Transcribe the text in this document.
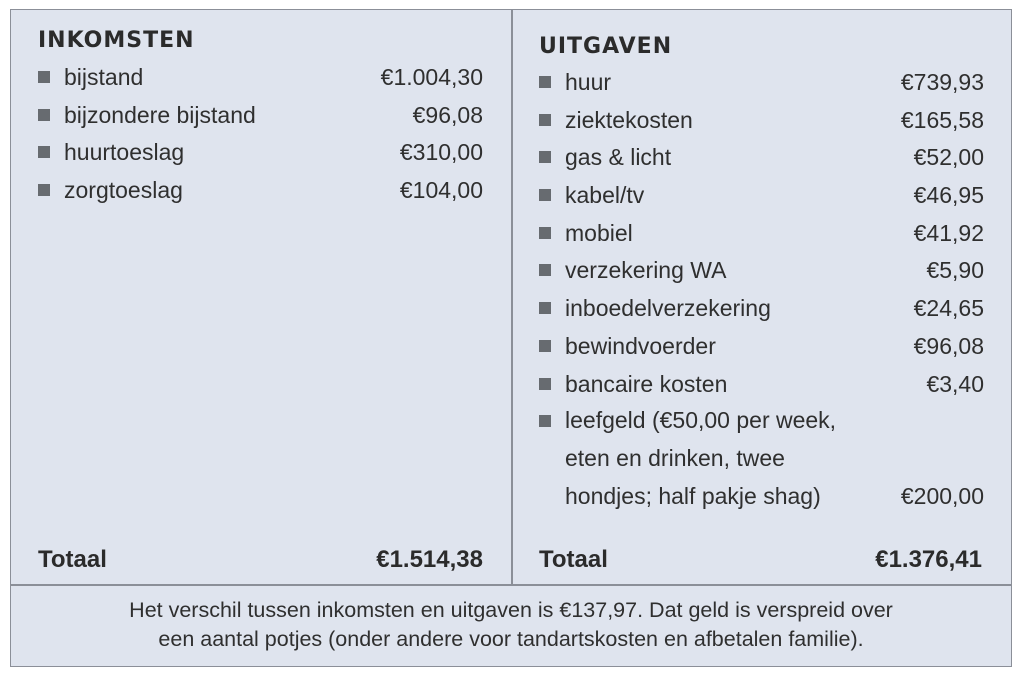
INKOMSTEN
bijstand	€1.004,30
bijzondere bijstand	€96,08
huurtoeslag	€310,00
zorgtoeslag	€104,00
Totaal	€1.514,38
UITGAVEN
huur	€739,93
ziektekosten	€165,58
gas & licht	€52,00
kabel/tv	€46,95
mobiel	€41,92
verzekering WA	€5,90
inboedelverzekering	€24,65
bewindvoerder	€96,08
bancaire kosten	€3,40
leefgeld (€50,00 per week,
eten en drinken, twee
hondjes; half pakje shag)	€200,00
Totaal	€1.376,41
Het verschil tussen inkomsten en uitgaven is €137,97. Dat geld is verspreid over
een aantal potjes (onder andere voor tandartskosten en afbetalen familie).
